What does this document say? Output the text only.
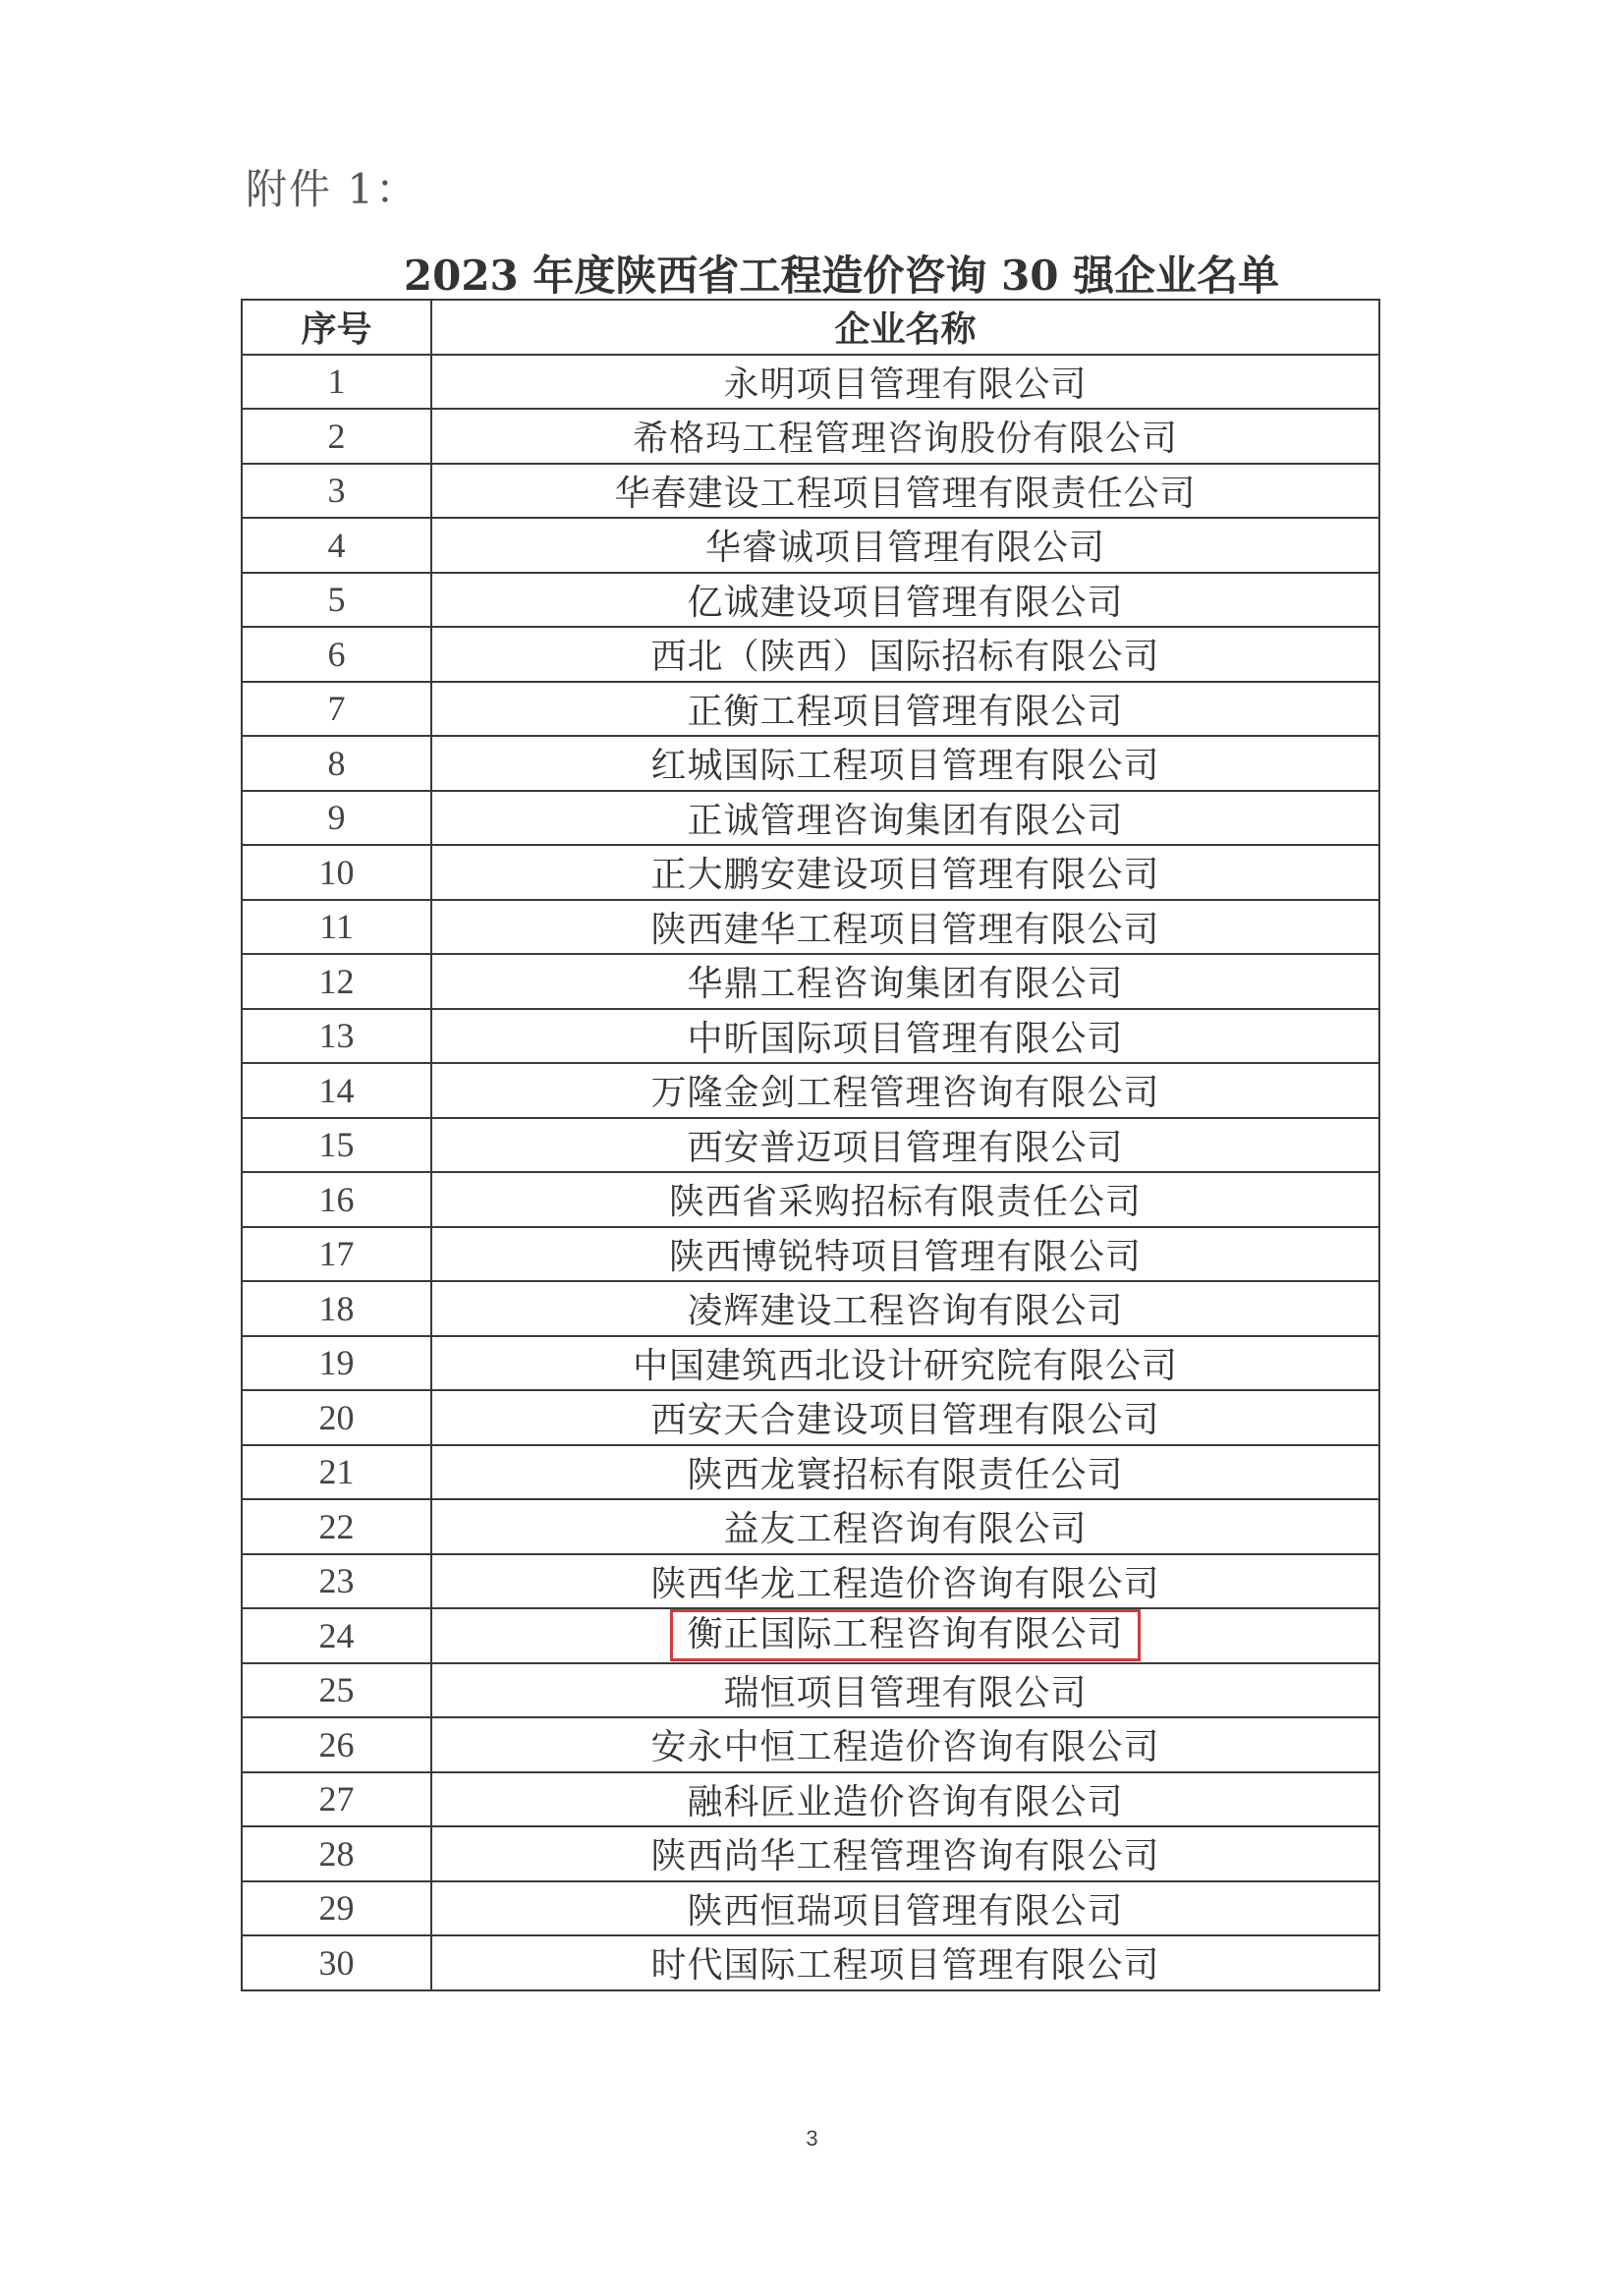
附件 1：
2023 年度陕西省工程造价咨询 30 强企业名单
序号	企业名称
1	永明项目管理有限公司
2	希格玛工程管理咨询股份有限公司
3	华春建设工程项目管理有限责任公司
4	华睿诚项目管理有限公司
5	亿诚建设项目管理有限公司
6	西北（陕西）国际招标有限公司
7	正衡工程项目管理有限公司
8	红城国际工程项目管理有限公司
9	正诚管理咨询集团有限公司
10	正大鹏安建设项目管理有限公司
11	陕西建华工程项目管理有限公司
12	华鼎工程咨询集团有限公司
13	中昕国际项目管理有限公司
14	万隆金剑工程管理咨询有限公司
15	西安普迈项目管理有限公司
16	陕西省采购招标有限责任公司
17	陕西博锐特项目管理有限公司
18	凌辉建设工程咨询有限公司
19	中国建筑西北设计研究院有限公司
20	西安天合建设项目管理有限公司
21	陕西龙寰招标有限责任公司
22	益友工程咨询有限公司
23	陕西华龙工程造价咨询有限公司
24	衡正国际工程咨询有限公司
25	瑞恒项目管理有限公司
26	安永中恒工程造价咨询有限公司
27	融科匠业造价咨询有限公司
28	陕西尚华工程管理咨询有限公司
29	陕西恒瑞项目管理有限公司
30	时代国际工程项目管理有限公司
3
